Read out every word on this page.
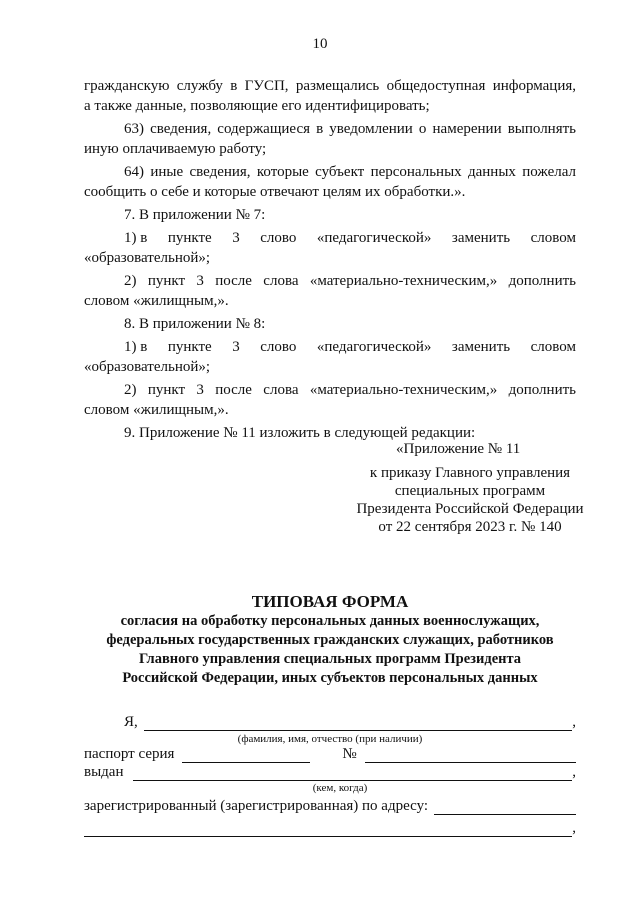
10

гражданскую службу в ГУСП, размещались общедоступная информация,

а также данные, позволяющие его идентифицировать;

63) сведения, содержащиеся в уведомлении о намерении выполнять иную оплачиваемую работу;

64) иные сведения, которые субъект персональных данных пожелал сообщить о себе и которые отвечают целям их обработки.».

7. В приложении № 7:

1) в пункте 3 слово «педагогической» заменить словом

«образовательной»;

2) пункт 3 после слова «материально-техническим,» дополнить словом «жилищным,».

8. В приложении № 8:

1) в пункте 3 слово «педагогической» заменить словом

«образовательной»;

2) пункт 3 после слова «материально-техническим,» дополнить словом «жилищным,».

9. Приложение № 11 изложить в следующей редакции:

«Приложение № 11
к приказу Главного управления
специальных программ
Президента Российской Федерации
от 22 сентября 2023 г. № 140
ТИПОВАЯ ФОРМА
согласия на обработку персональных данных военнослужащих,
федеральных государственных гражданских служащих, работников
Главного управления специальных программ Президента
Российской Федерации, иных субъектов персональных данных
Я,	,
(фамилия, имя, отчество (при наличии)
паспорт серия	№
выдан	,
(кем, когда)
зарегистрированный (зарегистрированная) по адресу:
,
